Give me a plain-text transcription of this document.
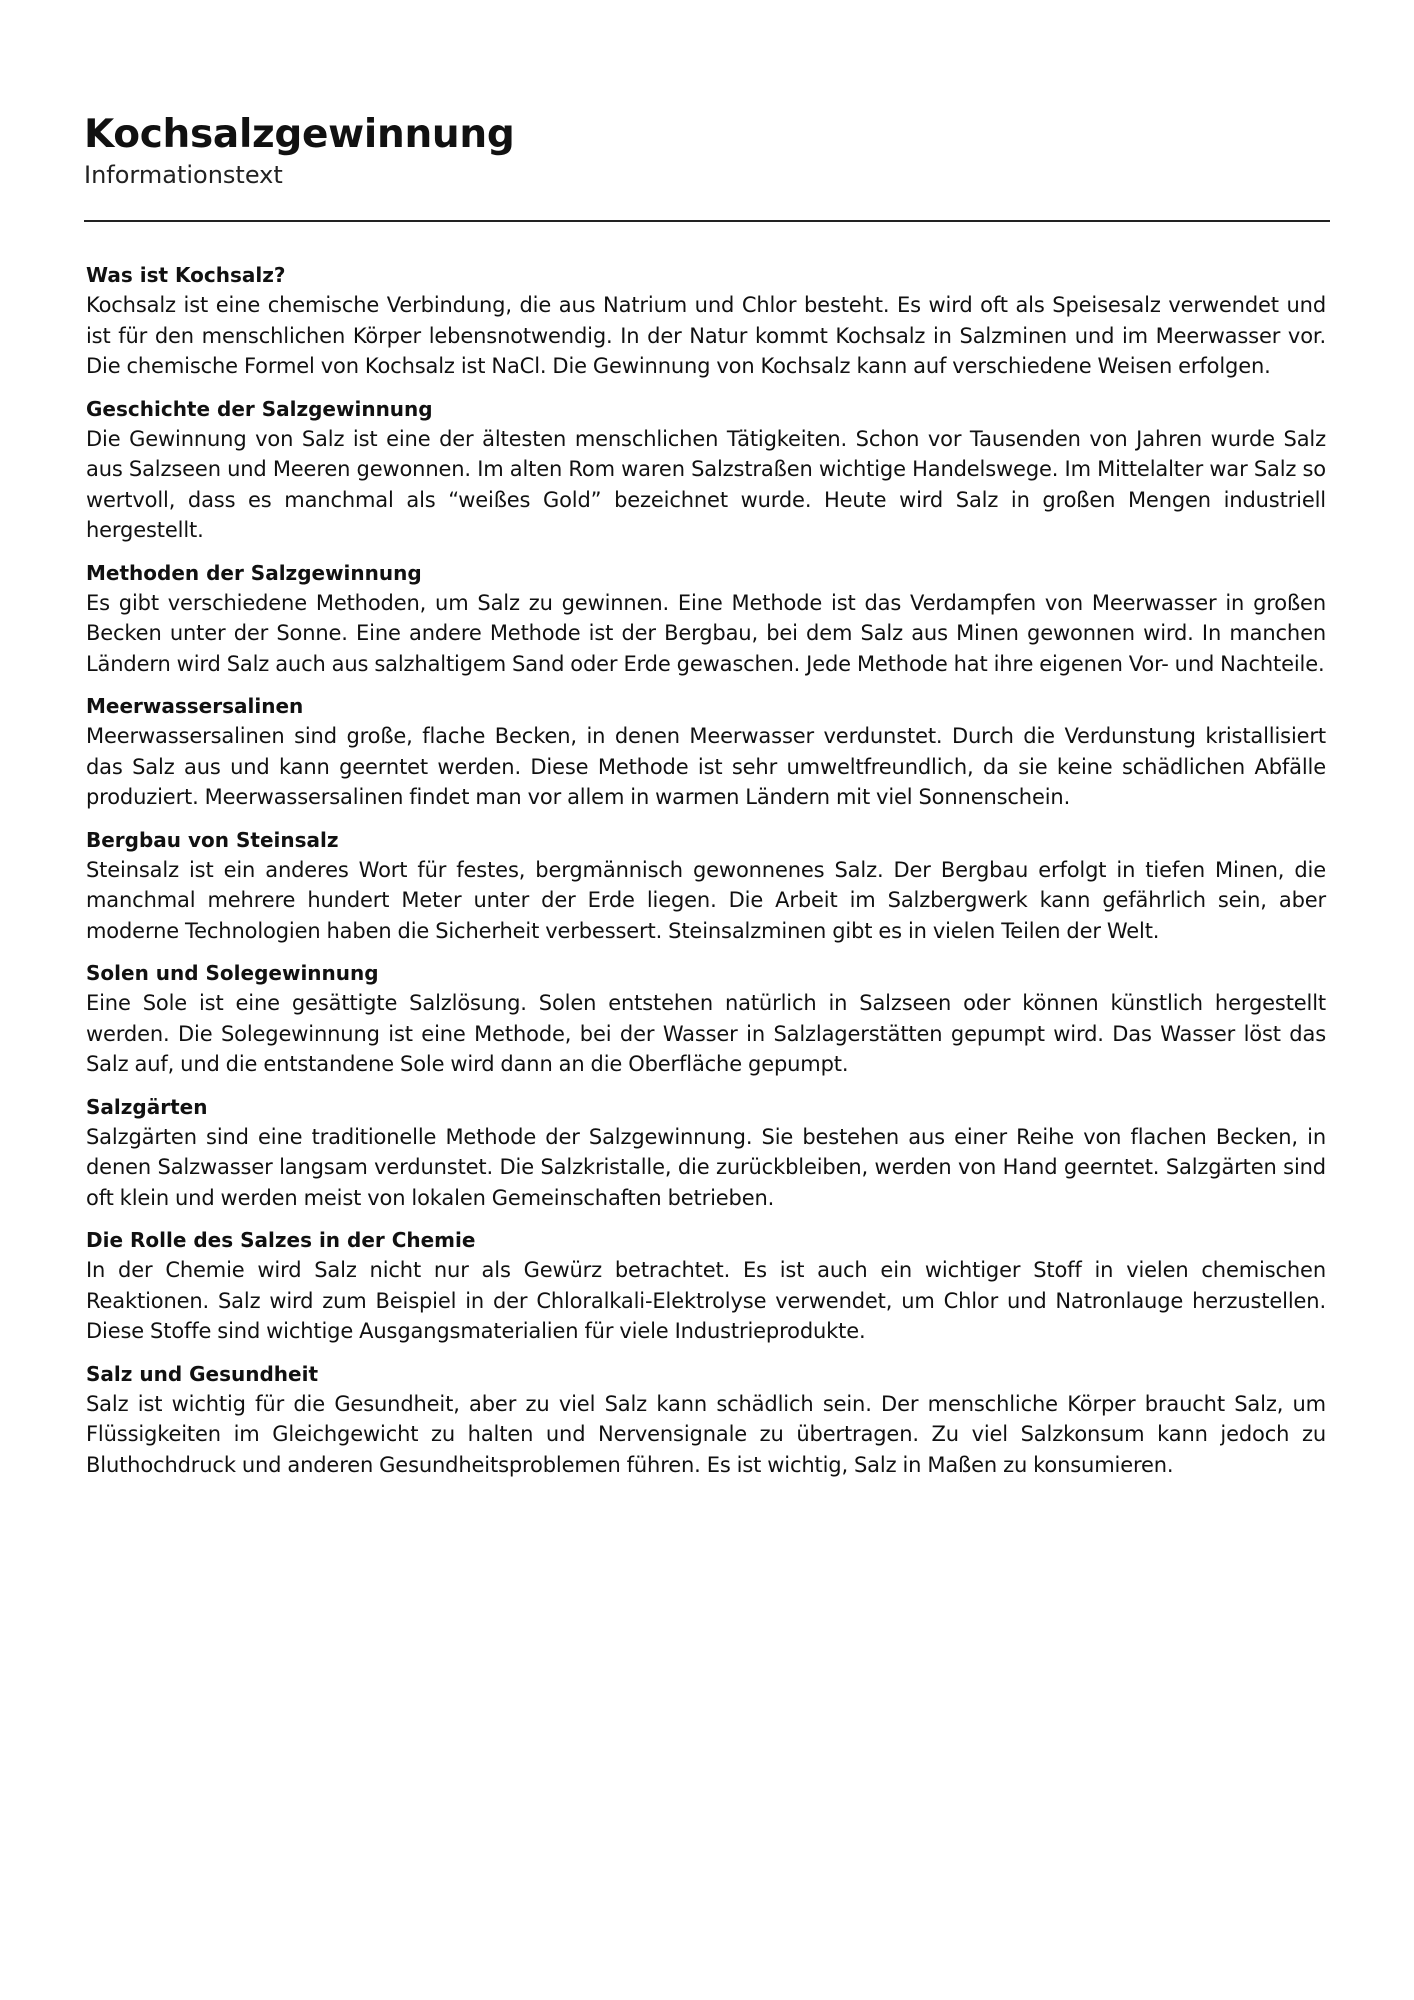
Kochsalzgewinnung
Informationstext

Was ist Kochsalz?

Kochsalz ist eine chemische Verbindung, die aus Natrium und Chlor besteht. Es wird oft als Speisesalz verwendet und ist für den menschlichen Körper lebensnotwendig. In der Natur kommt Kochsalz in Salzminen und im Meerwasser vor. Die chemische Formel von Kochsalz ist NaCl. Die Gewinnung von Kochsalz kann auf verschiedene Weisen erfolgen.

Geschichte der Salzgewinnung

Die Gewinnung von Salz ist eine der ältesten menschlichen Tätigkeiten. Schon vor Tausenden von Jahren wurde Salz aus Salzseen und Meeren gewonnen. Im alten Rom waren Salzstraßen wichtige Handelswege. Im Mittelalter war Salz so wertvoll, dass es manchmal als “weißes Gold” bezeichnet wurde. Heute wird Salz in großen Mengen industriell hergestellt.

Methoden der Salzgewinnung

Es gibt verschiedene Methoden, um Salz zu gewinnen. Eine Methode ist das Verdampfen von Meerwasser in großen Becken unter der Sonne. Eine andere Methode ist der Bergbau, bei dem Salz aus Minen gewonnen wird. In manchen Ländern wird Salz auch aus salzhaltigem Sand oder Erde gewaschen. Jede Methode hat ihre eigenen Vor- und Nachteile.

Meerwassersalinen

Meerwassersalinen sind große, flache Becken, in denen Meerwasser verdunstet. Durch die Verdunstung kristallisiert das Salz aus und kann geerntet werden. Diese Methode ist sehr umweltfreundlich, da sie keine schädlichen Abfälle produziert. Meerwassersalinen findet man vor allem in warmen Ländern mit viel Sonnenschein.

Bergbau von Steinsalz

Steinsalz ist ein anderes Wort für festes, bergmännisch gewonnenes Salz. Der Bergbau erfolgt in tiefen Minen, die manchmal mehrere hundert Meter unter der Erde liegen. Die Arbeit im Salzbergwerk kann gefährlich sein, aber moderne Technologien haben die Sicherheit verbessert. Steinsalzminen gibt es in vielen Teilen der Welt.

Solen und Solegewinnung

Eine Sole ist eine gesättigte Salzlösung. Solen entstehen natürlich in Salzseen oder können künstlich hergestellt werden. Die Solegewinnung ist eine Methode, bei der Wasser in Salzlagerstätten gepumpt wird. Das Wasser löst das Salz auf, und die entstandene Sole wird dann an die Oberfläche gepumpt.

Salzgärten

Salzgärten sind eine traditionelle Methode der Salzgewinnung. Sie bestehen aus einer Reihe von flachen Becken, in denen Salzwasser langsam verdunstet. Die Salzkristalle, die zurückbleiben, werden von Hand geerntet. Salzgärten sind oft klein und werden meist von lokalen Gemeinschaften betrieben.

Die Rolle des Salzes in der Chemie

In der Chemie wird Salz nicht nur als Gewürz betrachtet. Es ist auch ein wichtiger Stoff in vielen chemischen Reaktionen. Salz wird zum Beispiel in der Chloralkali-Elektrolyse verwendet, um Chlor und Natronlauge herzustellen. Diese Stoffe sind wichtige Ausgangsmaterialien für viele Industrieprodukte.

Salz und Gesundheit

Salz ist wichtig für die Gesundheit, aber zu viel Salz kann schädlich sein. Der menschliche Körper braucht Salz, um Flüssigkeiten im Gleichgewicht zu halten und Nervensignale zu übertragen. Zu viel Salzkonsum kann jedoch zu Bluthochdruck und anderen Gesundheitsproblemen führen. Es ist wichtig, Salz in Maßen zu konsumieren.
